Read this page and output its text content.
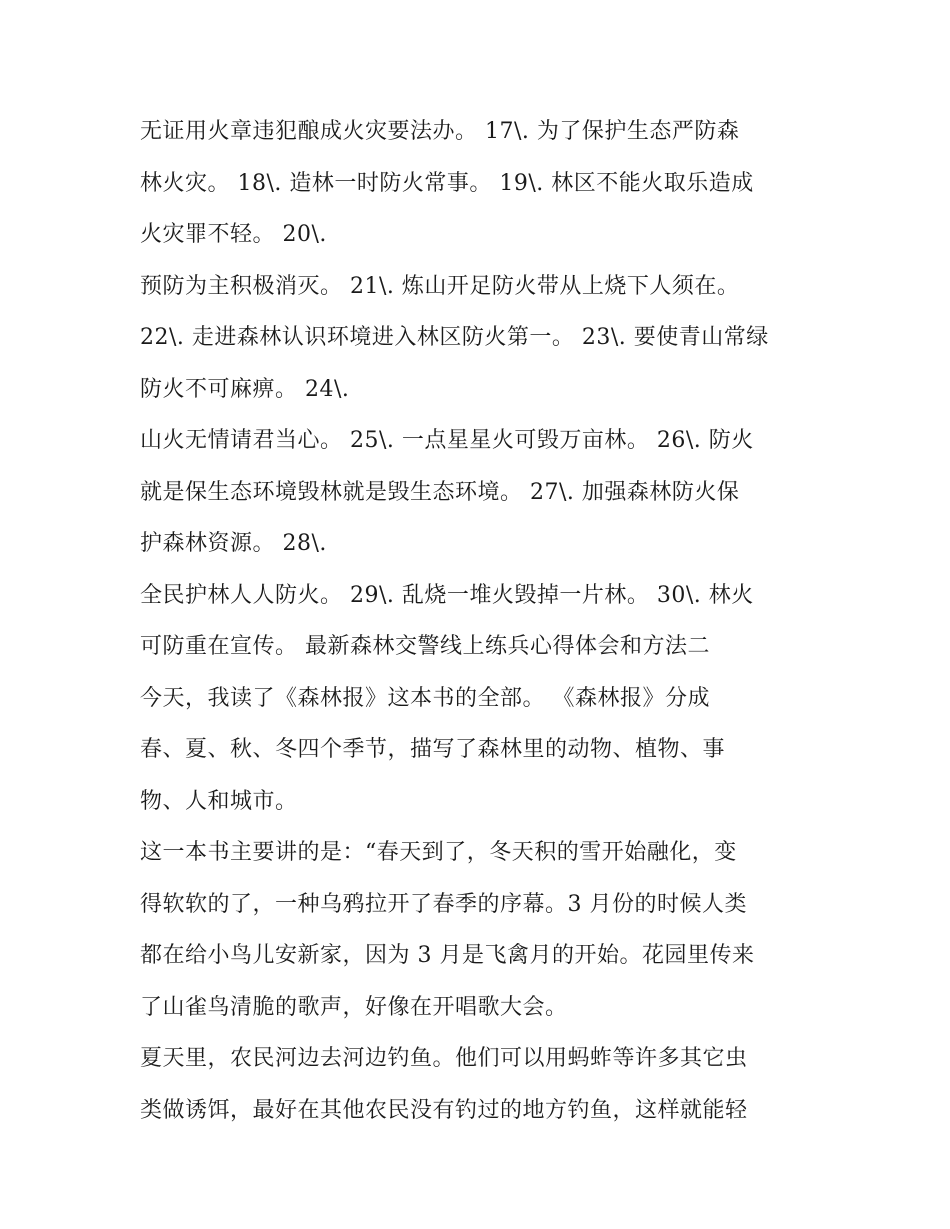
无证用火章违犯酿成火灾要法办。 17\. 为了保护生态严防森
林火灾。 18\. 造林一时防火常事。 19\. 林区不能火取乐造成
火灾罪不轻。 20\.
预防为主积极消灭。 21\. 炼山开足防火带从上烧下人须在。
22\. 走进森林认识环境进入林区防火第一。 23\. 要使青山常绿
防火不可麻痹。 24\.
山火无情请君当心。 25\. 一点星星火可毁万亩林。 26\. 防火
就是保生态环境毁林就是毁生态环境。 27\. 加强森林防火保
护森林资源。 28\.
全民护林人人防火。 29\. 乱烧一堆火毁掉一片林。 30\. 林火
可防重在宣传。 最新森林交警线上练兵心得体会和方法二
今天，我读了《森林报》这本书的全部。 《森林报》分成
春、夏、秋、冬四个季节，描写了森林里的动物、植物、事
物、人和城市。
这一本书主要讲的是：“春天到了，冬天积的雪开始融化，变
得软软的了，一种乌鸦拉开了春季的序幕。3 月份的时候人类
都在给小鸟儿安新家，因为 3 月是飞禽月的开始。花园里传来
了山雀鸟清脆的歌声，好像在开唱歌大会。
夏天里，农民河边去河边钓鱼。他们可以用蚂蚱等许多其它虫
类做诱饵，最好在其他农民没有钓过的地方钓鱼，这样就能轻
